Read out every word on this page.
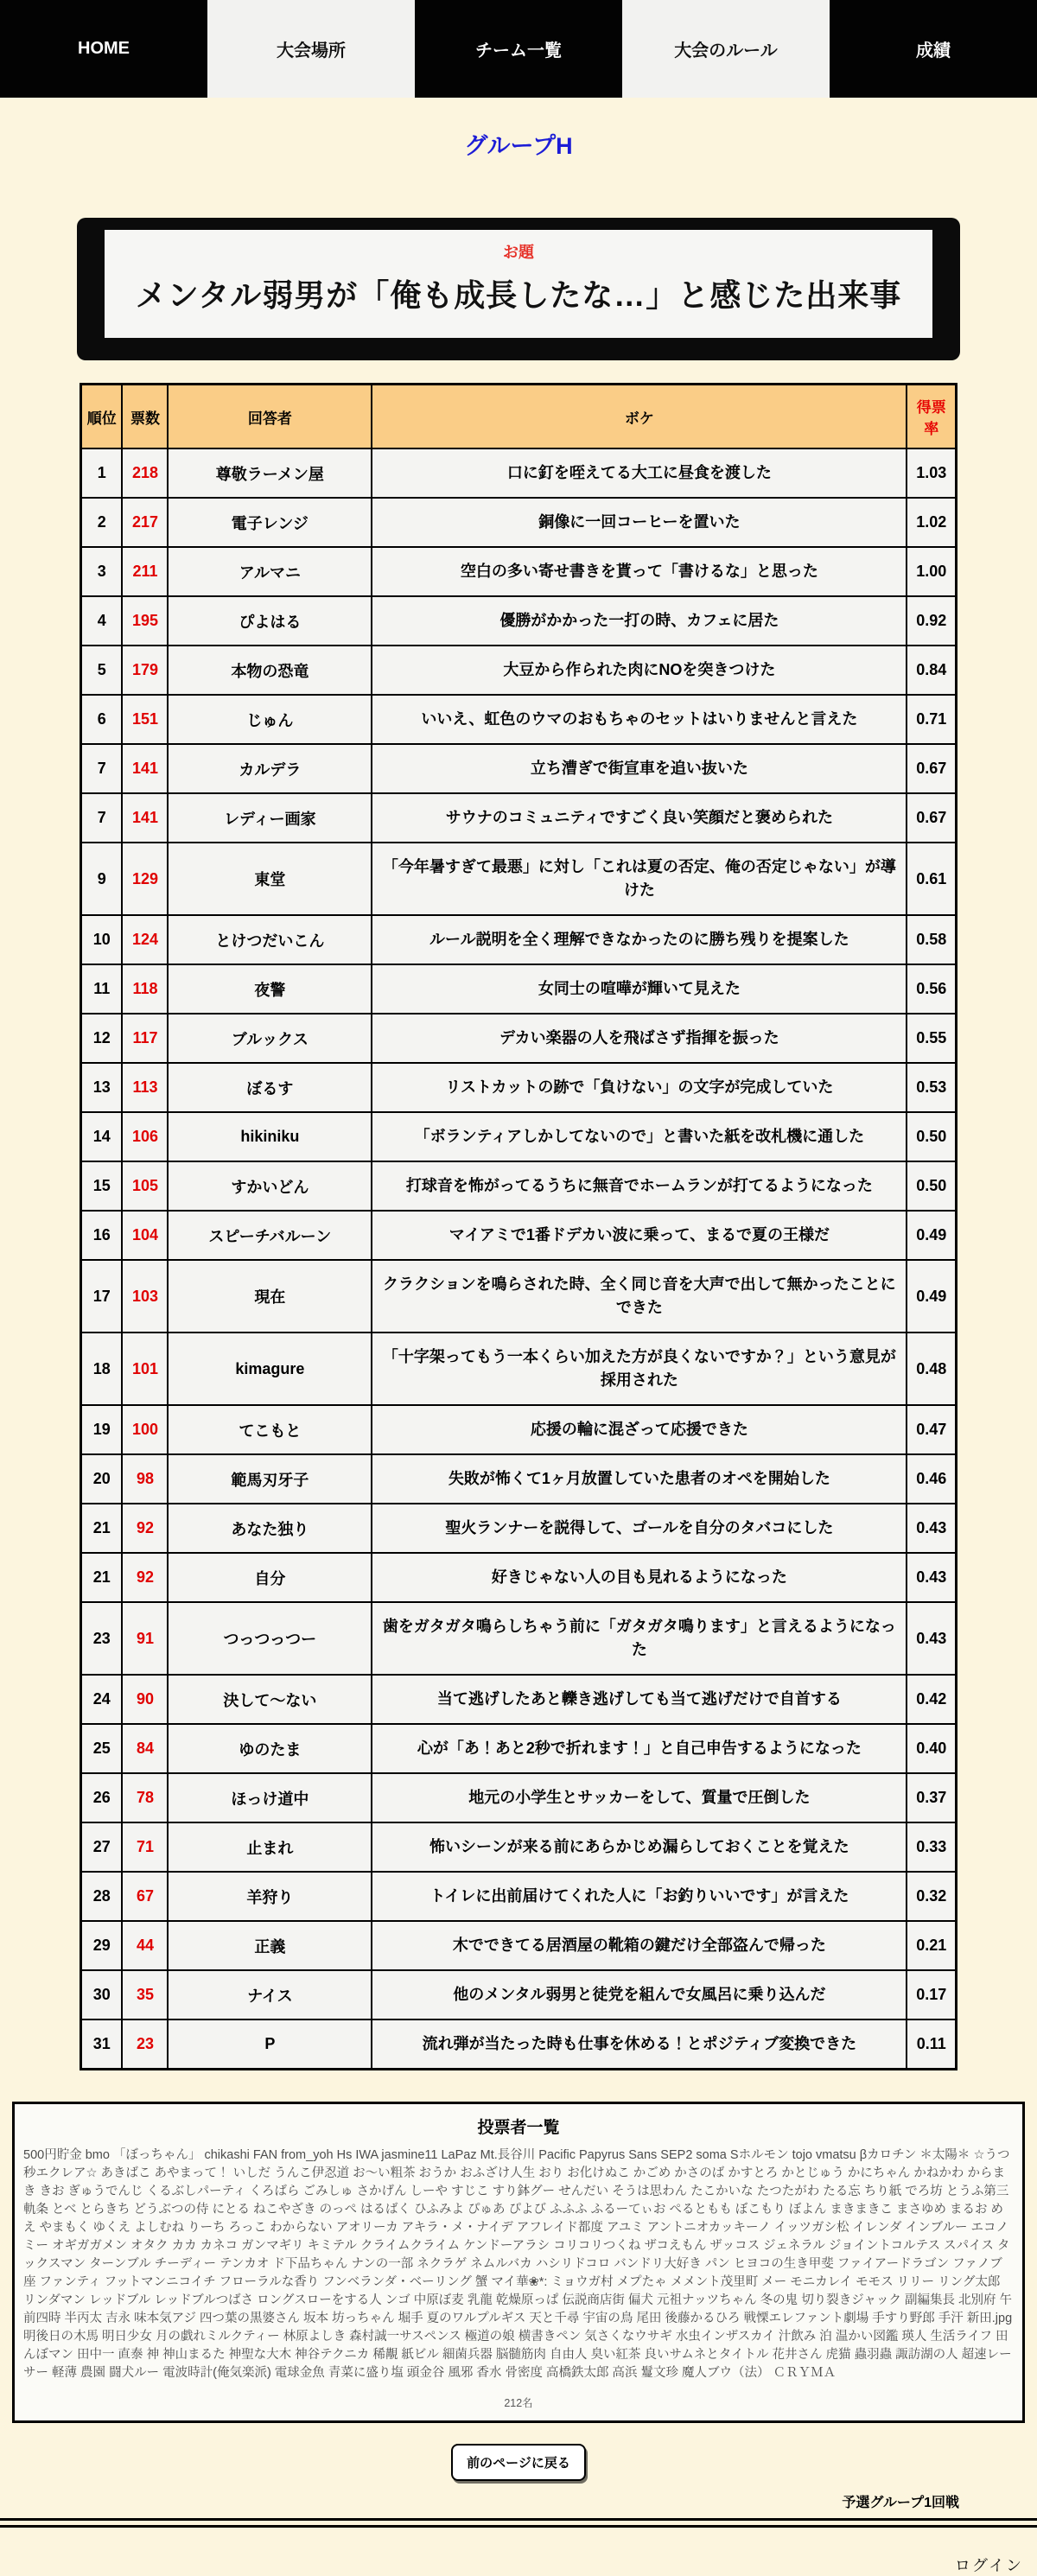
HOME	大会場所	チーム一覧	大会のルール	成績
グループH
お題
メンタル弱男が「俺も成長したな…」と感じた出来事
順位	票数	回答者	ボケ	得票率
1	218	尊敬ラーメン屋	口に釘を咥えてる大工に昼食を渡した	1.03
2	217	電子レンジ	銅像に一回コーヒーを置いた	1.02
3	211	アルマニ	空白の多い寄せ書きを貰って「書けるな」と思った	1.00
4	195	ぴよはる	優勝がかかった一打の時、カフェに居た	0.92
5	179	本物の恐竜	大豆から作られた肉にNOを突きつけた	0.84
6	151	じゅん	いいえ、虹色のウマのおもちゃのセットはいりませんと言えた	0.71
7	141	カルデラ	立ち漕ぎで街宣車を追い抜いた	0.67
7	141	レディー画家	サウナのコミュニティですごく良い笑顔だと褒められた	0.67
9	129	東堂	「今年暑すぎて最悪」に対し「これは夏の否定、俺の否定じゃない」が導けた	0.61
10	124	とけつだいこん	ルール説明を全く理解できなかったのに勝ち残りを提案した	0.58
11	118	夜警	女同士の喧嘩が輝いて見えた	0.56
12	117	ブルックス	デカい楽器の人を飛ばさず指揮を振った	0.55
13	113	ぼるす	リストカットの跡で「負けない」の文字が完成していた	0.53
14	106	hikiniku	「ボランティアしかしてないので」と書いた紙を改札機に通した	0.50
15	105	すかいどん	打球音を怖がってるうちに無音でホームランが打てるようになった	0.50
16	104	スピーチバルーン	マイアミで1番ドデカい波に乗って、まるで夏の王様だ	0.49
17	103	現在	クラクションを鳴らされた時、全く同じ音を大声で出して無かったことにできた	0.49
18	101	kimagure	「十字架ってもう一本くらい加えた方が良くないですか？」という意見が採用された	0.48
19	100	てこもと	応援の輪に混ざって応援できた	0.47
20	98	範馬刃牙子	失敗が怖くて1ヶ月放置していた患者のオペを開始した	0.46
21	92	あなた独り	聖火ランナーを説得して、ゴールを自分のタバコにした	0.43
21	92	自分	好きじゃない人の目も見れるようになった	0.43
23	91	つっつっつー	歯をガタガタ鳴らしちゃう前に「ガタガタ鳴ります」と言えるようになった	0.43
24	90	決して〜ない	当て逃げしたあと轢き逃げしても当て逃げだけで自首する	0.42
25	84	ゆのたま	心が「あ！あと2秒で折れます！」と自己申告するようになった	0.40
26	78	ほっけ道中	地元の小学生とサッカーをして、質量で圧倒した	0.37
27	71	止まれ	怖いシーンが来る前にあらかじめ漏らしておくことを覚えた	0.33
28	67	羊狩り	トイレに出前届けてくれた人に「お釣りいいです」が言えた	0.32
29	44	正義	木でできてる居酒屋の靴箱の鍵だけ全部盗んで帰った	0.21
30	35	ナイス	他のメンタル弱男と徒党を組んで女風呂に乗り込んだ	0.17
31	23	P	流れ弾が当たった時も仕事を休める！とポジティブ変換できた	0.11
投票者一覧
500円貯金 bmo 「ぼっちゃん」 chikashi FAN from_yoh Hs IWA jasmine11 LaPaz Mt.長谷川 Pacific Papyrus Sans SEP2 soma Sホルモン tojo vmatsu βカロチン ＊太陽＊ ☆うつ秒エクレア☆ あきばこ あやまって！ いしだ うんこ伊忍道 お〜い粗茶 おうか おふざけ人生 おり お化けぬこ かごめ かさのば かすとろ かとじゅう かにちゃん かねかわ からまき きお ぎゅうでんじ くるぶしパーティ くろばら ごみしゅ さかげん しーや すじこ すり鉢グー せんだい そうは思わん たこかいな たつたがわ たる忘 ちり紙 でろ坊 とうふ第三軌条 とべ とらきち どうぶつの侍 にとる ねこやざき のっぺ はるばく ひふみよ ぴゅあ ぴよび ふふふ ふるーてぃお ぺるともも ぼこもり ぼよん まきまきこ まさゆめ まるお めえ やまもく ゆくえ よしむね りーち ろっこ わからない アオリーカ アキラ・メ・ナイデ アフレイド都度 アユミ アントニオカッキーノ イッツガシ松 イレンダ インブルー エコノミー オギガガメン オタク カカ カネコ ガンマギリ キミテル クライムクライム ケンドーアラシ コリコリつくね ザコえもん ザッコス ジェネラル ジョイントコルテス スパイス タックスマン ターンブル チーディー テンカオ ド下品ちゃん ナンの一部 ネクラゲ ネムルバカ ハシリドコロ バンドリ大好き パン ヒヨコの生き甲斐 ファイアードラゴン ファノブ座 ファンティ フットマンニコイチ フローラルな香り フンベランダ・ベーリング 蟹 マイ華❀*: ミョウガ村 メプたゃ メメント茂里町 メー モニカレイ モモス リリー リング太郎 リンダマン レッドブル レッドブルつばさ ロングスローをする人 ンゴ 中原ぼ麦 乳龍 乾燥原っぱ 伝説商店街 偏犬 元祖ナッツちゃん 冬の鬼 切り裂きジャック 副編集長 北別府 午前四時 半丙太 吉永 味本気アジ 四つ葉の黒婆さん 坂本 坊っちゃん 堀手 夏のワルプルギス 天と千尋 宇宙の鳥 尾田 後藤かるひろ 戦慄エレファント劇場 手すり野郎 手汗 新田.jpg 明後日の木馬 明日少女 月の戯れミルクティー 林原よしき 森村誠一サスペンス 極道の娘 横書きペン 気さくなウサギ 水虫インザスカイ 汁飲み 泊 温かい図鑑 瑛人 生活ライフ 田んぼマン 田中一 直泰 神 神山まるた 神聖な大木 神谷テクニカ 稀覯 紙ビル 細菌兵器 脳髄筋肉 自由人 臭い紅茶 良いサムネとタイトル 花井さん 虎猫 蟲羽蟲 諏訪湖の人 超速レーサー 軽薄 農園 闘犬ルー 電波時計(俺気楽派) 電球金魚 青菜に盛り塩 頭金谷 風邪 香水 骨密度 高橋鉄太郎 高浜 鬘文珍 魔人ブウ（法） ＣＲＹＭＡ
212名
前のページに戻る
予選グループ1回戦
ログイン
